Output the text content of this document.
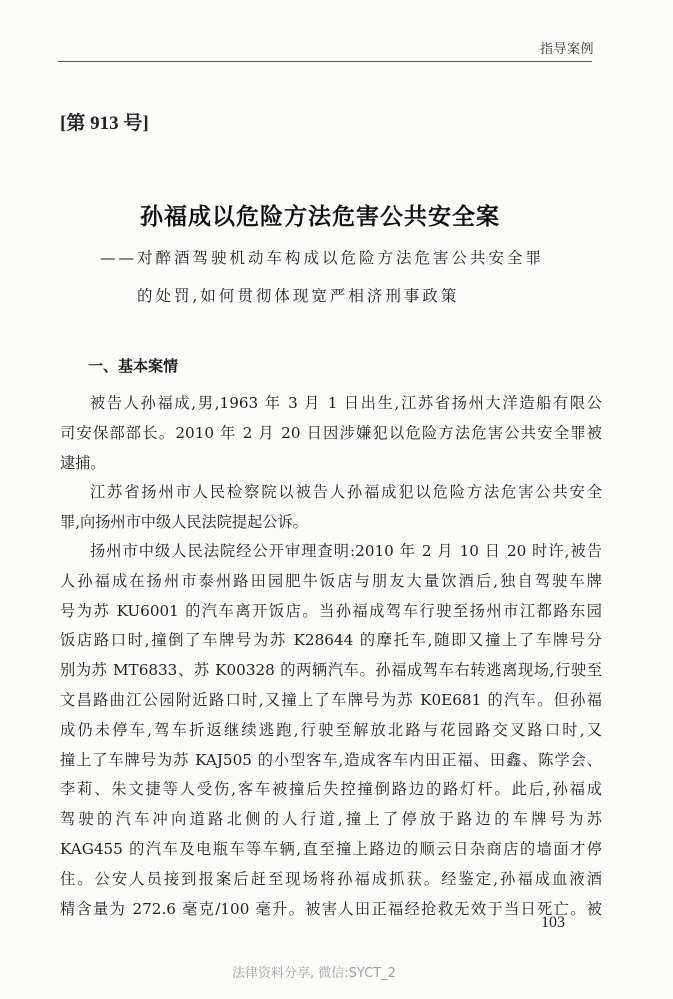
指导案例
[第 913 号]
孙福成以危险方法危害公共安全案
——对醉酒驾驶机动车构成以危险方法危害公共安全罪
的处罚,如何贯彻体现宽严相济刑事政策
一、基本案情
被告人孙福成,男,1963 年 3 月 1 日出生,江苏省扬州大洋造船有限公
司安保部部长。2010 年 2 月 20 日因涉嫌犯以危险方法危害公共安全罪被
逮捕。
江苏省扬州市人民检察院以被告人孙福成犯以危险方法危害公共安全
罪,向扬州市中级人民法院提起公诉。
扬州市中级人民法院经公开审理查明:2010 年 2 月 10 日 20 时许,被告
人孙福成在扬州市泰州路田园肥牛饭店与朋友大量饮酒后,独自驾驶车牌
号为苏 KU6001 的汽车离开饭店。当孙福成驾车行驶至扬州市江都路东园
饭店路口时,撞倒了车牌号为苏 K28644 的摩托车,随即又撞上了车牌号分
别为苏 MT6833、苏 K00328 的两辆汽车。孙福成驾车右转逃离现场,行驶至
文昌路曲江公园附近路口时,又撞上了车牌号为苏 K0E681 的汽车。但孙福
成仍未停车,驾车折返继续逃跑,行驶至解放北路与花园路交叉路口时,又
撞上了车牌号为苏 KAJ505 的小型客车,造成客车内田正福、田鑫、陈学会、
李莉、朱文捷等人受伤,客车被撞后失控撞倒路边的路灯杆。此后,孙福成
驾驶的汽车冲向道路北侧的人行道,撞上了停放于路边的车牌号为苏
KAG455 的汽车及电瓶车等车辆,直至撞上路边的顺云日杂商店的墙面才停
住。公安人员接到报案后赶至现场将孙福成抓获。经鉴定,孙福成血液酒
精含量为 272.6 毫克/100 毫升。被害人田正福经抢救无效于当日死亡。被
103
法律资料分享, 微信:SYCT_2
